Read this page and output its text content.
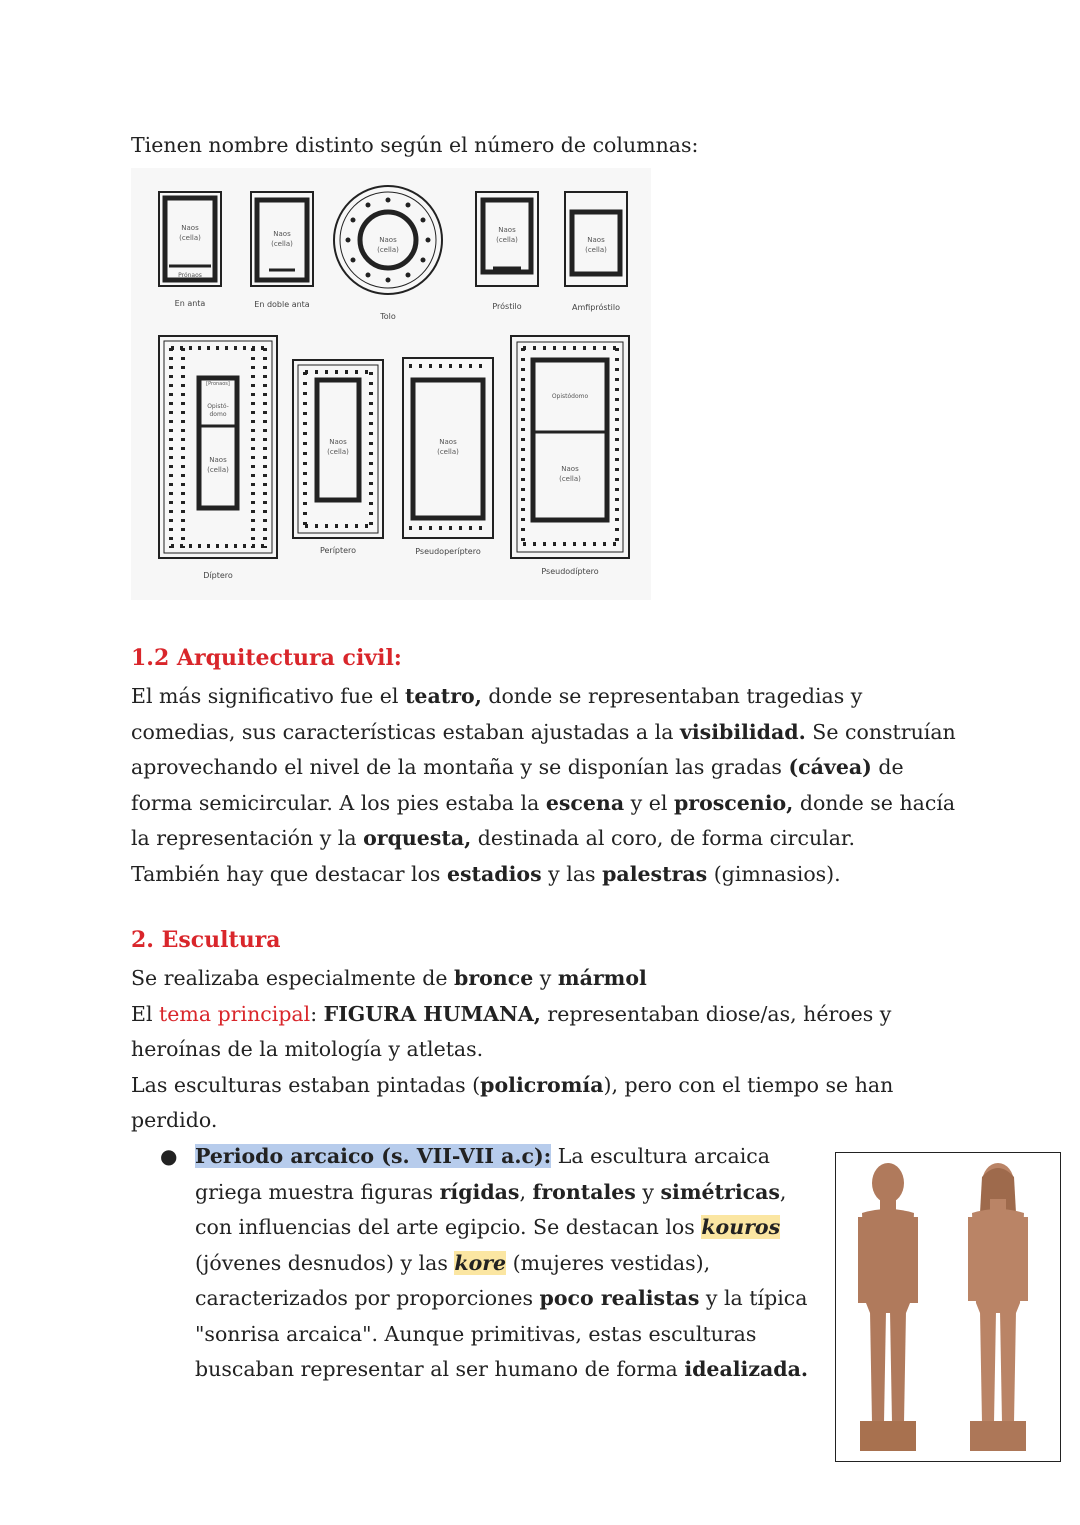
Tienen nombre distinto según el número de columnas:

Naos
(cella)
Prónaos
En anta
Naos
(cella)
En doble anta
Naos
(cella)
Tolo
Naos
(cella)
Próstilo
Naos
(cella)
Amfipróstilo
[Pronaos]
Opistó-
domo
Naos
(cella)
Díptero
Naos
(cella)
Períptero
Naos
(cella)
Pseudoperíptero
Opistódomo
Naos
(cella)
Pseudodíptero
1.2 Arquitectura civil:
El más significativo fue el teatro, donde se representaban tragedias y comedias, sus características estaban ajustadas a la visibilidad. Se construían aprovechando el nivel de la montaña y se disponían las gradas (cávea) de forma semicircular. A los pies estaba la escena y el proscenio, donde se hacía la representación y la orquesta, destinada al coro, de forma circular.
También hay que destacar los estadios y las palestras (gimnasios).
2. Escultura
Se realizaba especialmente de bronce y mármol
El tema principal: FIGURA HUMANA, representaban diose/as, héroes y heroínas de la mitología y atletas.
Las esculturas estaban pintadas (policromía), pero con el tiempo se han perdido.
● Periodo arcaico (s. VII-VII a.c): La escultura arcaica griega muestra figuras rígidas, frontales y simétricas, con influencias del arte egipcio. Se destacan los kouros (jóvenes desnudos) y las kore (mujeres vestidas), caracterizados por proporciones poco realistas y la típica "sonrisa arcaica". Aunque primitivas, estas esculturas buscaban representar al ser humano de forma idealizada.
